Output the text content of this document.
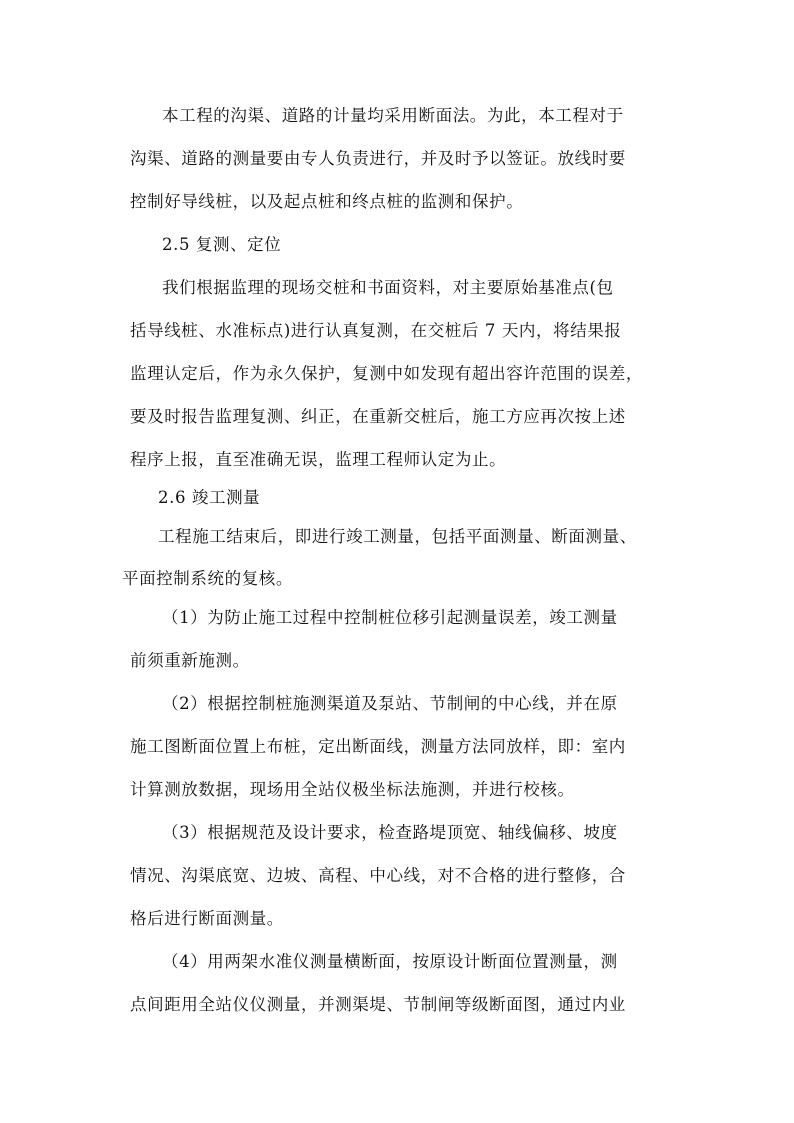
本工程的沟渠、道路的计量均采用断面法。为此，本工程对于
沟渠、道路的测量要由专人负责进行，并及时予以签证。放线时要
控制好导线桩，以及起点桩和终点桩的监测和保护。
2.5 复测、定位
我们根据监理的现场交桩和书面资料，对主要原始基准点(包
括导线桩、水准标点)进行认真复测，在交桩后 7 天内，将结果报
监理认定后，作为永久保护，复测中如发现有超出容许范围的误差，
要及时报告监理复测、纠正，在重新交桩后，施工方应再次按上述
程序上报，直至准确无误，监理工程师认定为止。
2.6 竣工测量
工程施工结束后，即进行竣工测量，包括平面测量、断面测量、
平面控制系统的复核。
（1）为防止施工过程中控制桩位移引起测量误差，竣工测量
前须重新施测。
（2）根据控制桩施测渠道及泵站、节制闸的中心线，并在原
施工图断面位置上布桩，定出断面线，测量方法同放样，即：室内
计算测放数据，现场用全站仪极坐标法施测，并进行校核。
（3）根据规范及设计要求，检查路堤顶宽、轴线偏移、坡度
情况、沟渠底宽、边坡、高程、中心线，对不合格的进行整修，合
格后进行断面测量。
（4）用两架水准仪测量横断面，按原设计断面位置测量，测
点间距用全站仪仪测量，并测渠堤、节制闸等级断面图，通过内业
